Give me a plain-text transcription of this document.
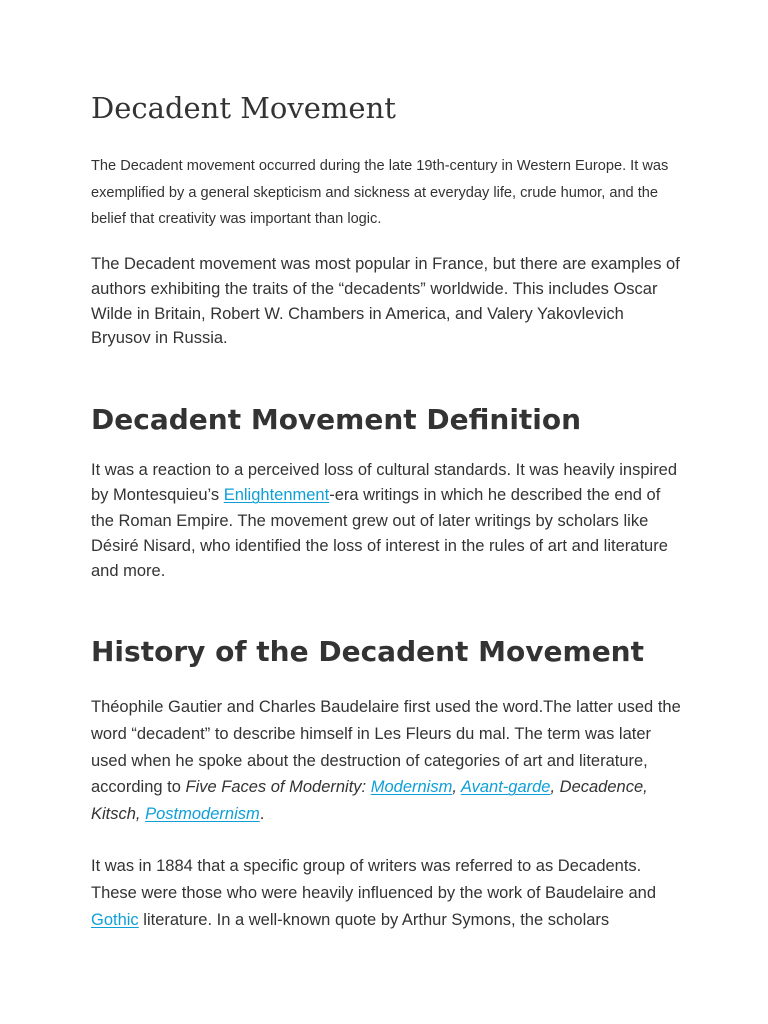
Decadent Movement

The Decadent movement occurred during the late 19th-century in Western Europe. It was exemplified by a general skepticism and sickness at everyday life, crude humor, and the belief that creativity was important than logic.

The Decadent movement was most popular in France, but there are examples of authors exhibiting the traits of the “decadents” worldwide. This includes Oscar Wilde in Britain, Robert W. Chambers in America, and Valery Yakovlevich Bryusov in Russia.

Decadent Movement Definition

It was a reaction to a perceived loss of cultural standards. It was heavily inspired by Montesquieu’s Enlightenment-era writings in which he described the end of the Roman Empire. The movement grew out of later writings by scholars like Désiré Nisard, who identified the loss of interest in the rules of art and literature and more.

History of the Decadent Movement

Théophile Gautier and Charles Baudelaire first used the word.The latter used the word “decadent” to describe himself in Les Fleurs du mal. The term was later used when he spoke about the destruction of categories of art and literature, according to Five Faces of Modernity: Modernism, Avant-garde, Decadence, Kitsch, Postmodernism.

It was in 1884 that a specific group of writers was referred to as Decadents. These were those who were heavily influenced by the work of Baudelaire and Gothic literature. In a well-known quote by Arthur Symons, the scholars
